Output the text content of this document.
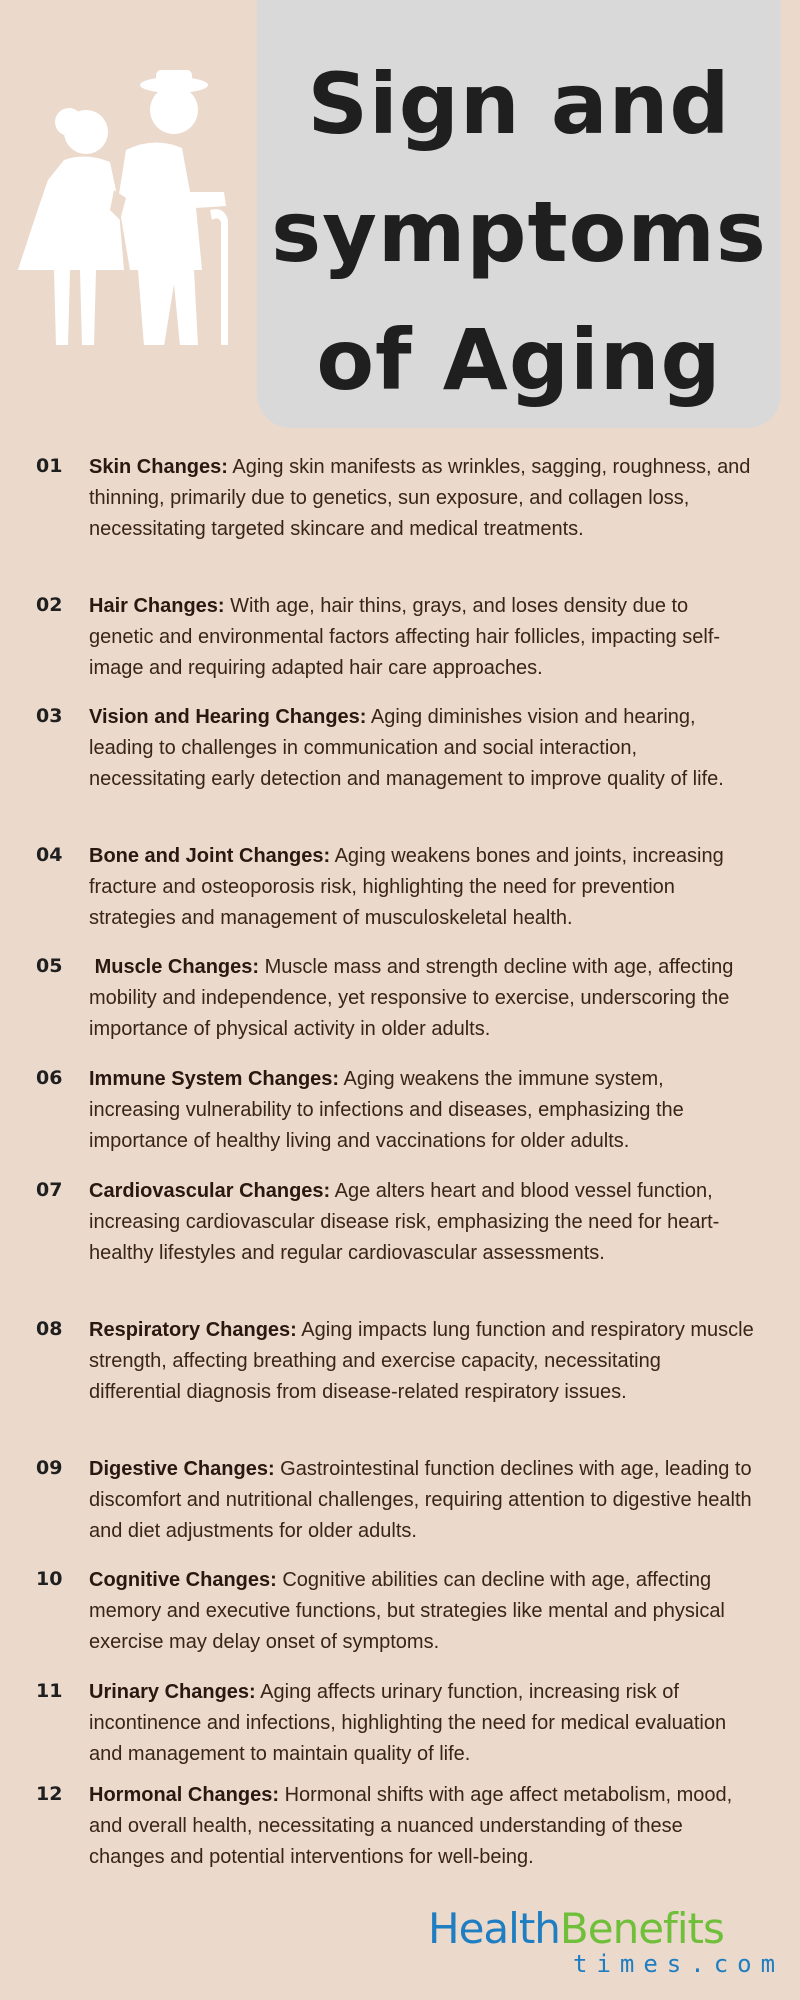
Sign and
symptoms
of Aging
01	Skin Changes: Aging skin manifests as wrinkles, sagging, roughness, and thinning, primarily due to genetics, sun exposure, and collagen loss, necessitating targeted skincare and medical treatments.
02	Hair Changes: With age, hair thins, grays, and loses density due to genetic and environmental factors affecting hair follicles, impacting self-image and requiring adapted hair care approaches.
03	Vision and Hearing Changes: Aging diminishes vision and hearing, leading to challenges in communication and social interaction, necessitating early detection and management to improve quality of life.
04	Bone and Joint Changes: Aging weakens bones and joints, increasing fracture and osteoporosis risk, highlighting the need for prevention strategies and management of musculoskeletal health.
05	Muscle Changes: Muscle mass and strength decline with age, affecting mobility and independence, yet responsive to exercise, underscoring the importance of physical activity in older adults.
06	Immune System Changes: Aging weakens the immune system, increasing vulnerability to infections and diseases, emphasizing the importance of healthy living and vaccinations for older adults.
07	Cardiovascular Changes: Age alters heart and blood vessel function, increasing cardiovascular disease risk, emphasizing the need for heart-healthy lifestyles and regular cardiovascular assessments.
08	Respiratory Changes: Aging impacts lung function and respiratory muscle strength, affecting breathing and exercise capacity, necessitating differential diagnosis from disease-related respiratory issues.
09	Digestive Changes: Gastrointestinal function declines with age, leading to discomfort and nutritional challenges, requiring attention to digestive health and diet adjustments for older adults.
10	Cognitive Changes: Cognitive abilities can decline with age, affecting memory and executive functions, but strategies like mental and physical exercise may delay onset of symptoms.
11	Urinary Changes: Aging affects urinary function, increasing risk of incontinence and infections, highlighting the need for medical evaluation and management to maintain quality of life.
12	Hormonal Changes: Hormonal shifts with age affect metabolism, mood, and overall health, necessitating a nuanced understanding of these changes and potential interventions for well-being.
HealthBenefits
times.com
